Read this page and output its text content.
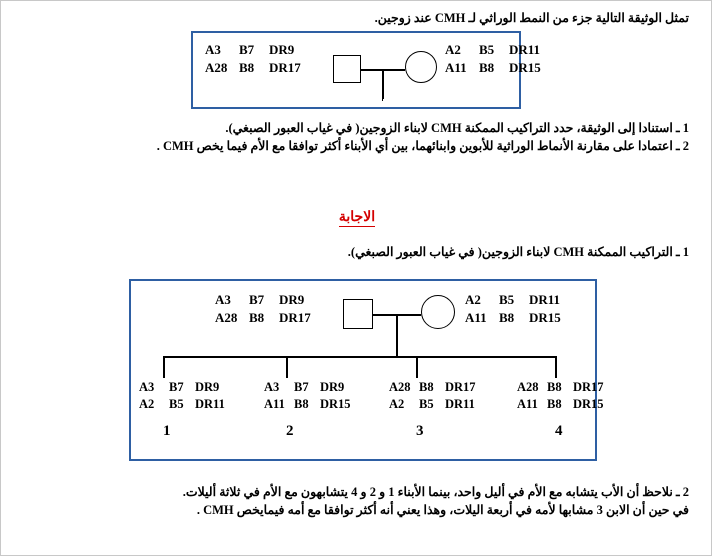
تمثل الوثيقة التالية جزء من النمط الوراثي لـ CMH عند زوجين.
A3	B7	DR9
A28 B8	DR17
A2	B5	DR11
A11 B8	DR15
1 ـ استنادا إلى الوثيقة، حدد التراكيب الممكنة CMH لابناء الزوجين( في غياب العبور الصبغي).
2 ـ اعتمادا على مقارنة الأنماط الوراثية للأبوين وابنائهما، بين أي الأبناء أكثر توافقا مع الأم فيما يخص CMH .
الاجابة
1 ـ التراكيب الممكنة CMH لابناء الزوجين( في غياب العبور الصبغي).
A3	B7	DR9
A28 B8	DR17
A2	B5	DR11
A11 B8	DR15
A3	B7 DR9
A2	B5 DR11
A3	B7 DR9
A11 B8 DR15
A28 B8 DR17
A2	B5 DR11
A28 B8 DR17
A11 B8 DR15
1	2	3	4
2 ـ نلاحظ أن الأب يتشابه مع الأم في أليل واحد، بينما الأبناء 1 و 2 و 4 يتشابهون مع الأم في ثلاثة أليلات.
في حين أن الابن 3 مشابها لأمه في أربعة اليلات، وهذا يعني أنه أكثر توافقا مع أمه فيمايخص CMH .
